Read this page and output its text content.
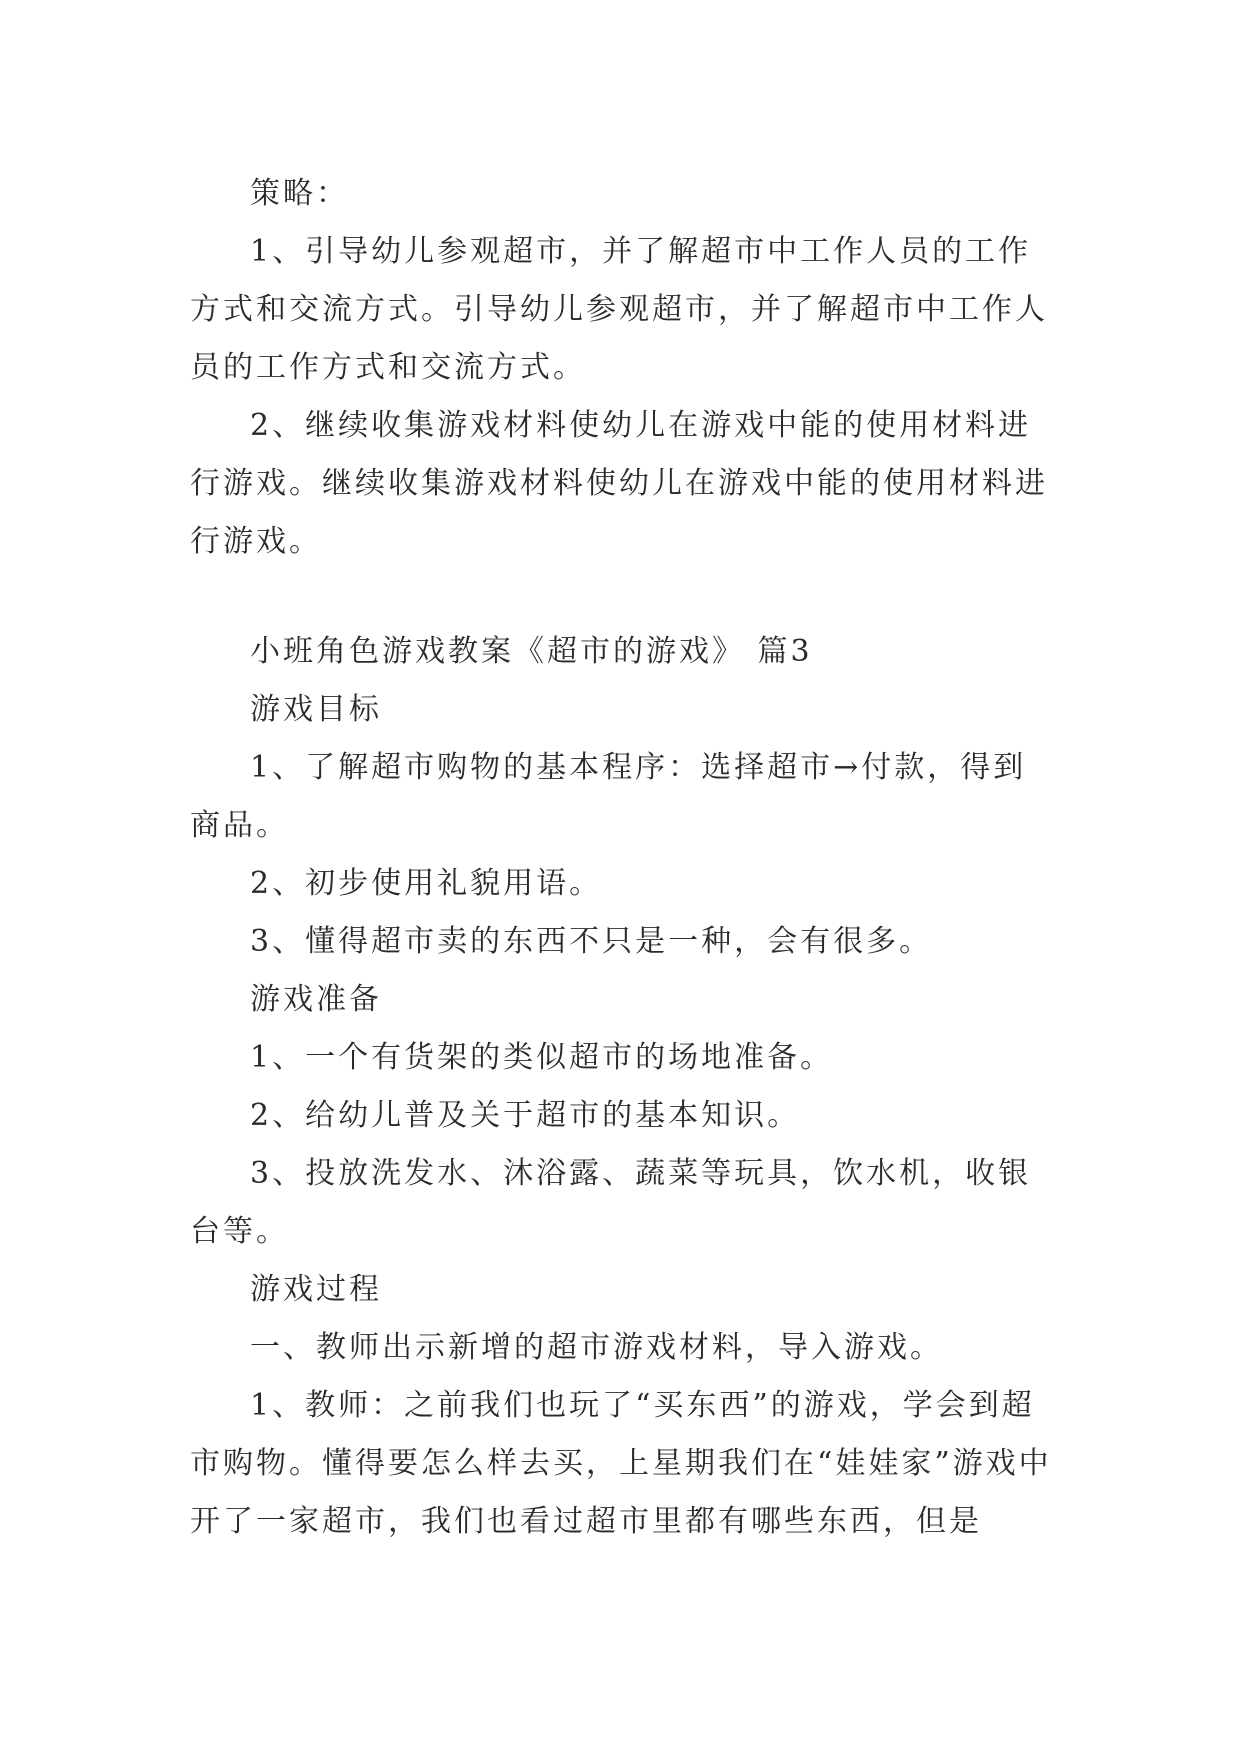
策略：

1、引导幼儿参观超市，并了解超市中工作人员的工作方式和交流方式。引导幼儿参观超市，并了解超市中工作人员的工作方式和交流方式。

2、继续收集游戏材料使幼儿在游戏中能的使用材料进行游戏。继续收集游戏材料使幼儿在游戏中能的使用材料进行游戏。

小班角色游戏教案《超市的游戏》 篇3

游戏目标

1、了解超市购物的基本程序：选择超市→付款，得到商品。

2、初步使用礼貌用语。

3、懂得超市卖的东西不只是一种，会有很多。

游戏准备

1、一个有货架的类似超市的场地准备。

2、给幼儿普及关于超市的基本知识。

3、投放洗发水、沐浴露、蔬菜等玩具，饮水机，收银台等。

游戏过程

一、教师出示新增的超市游戏材料，导入游戏。

1、教师：之前我们也玩了“买东西”的游戏，学会到超市购物。懂得要怎么样去买，上星期我们在“娃娃家”游戏中开了一家超市，我们也看过超市里都有哪些东西，但是
